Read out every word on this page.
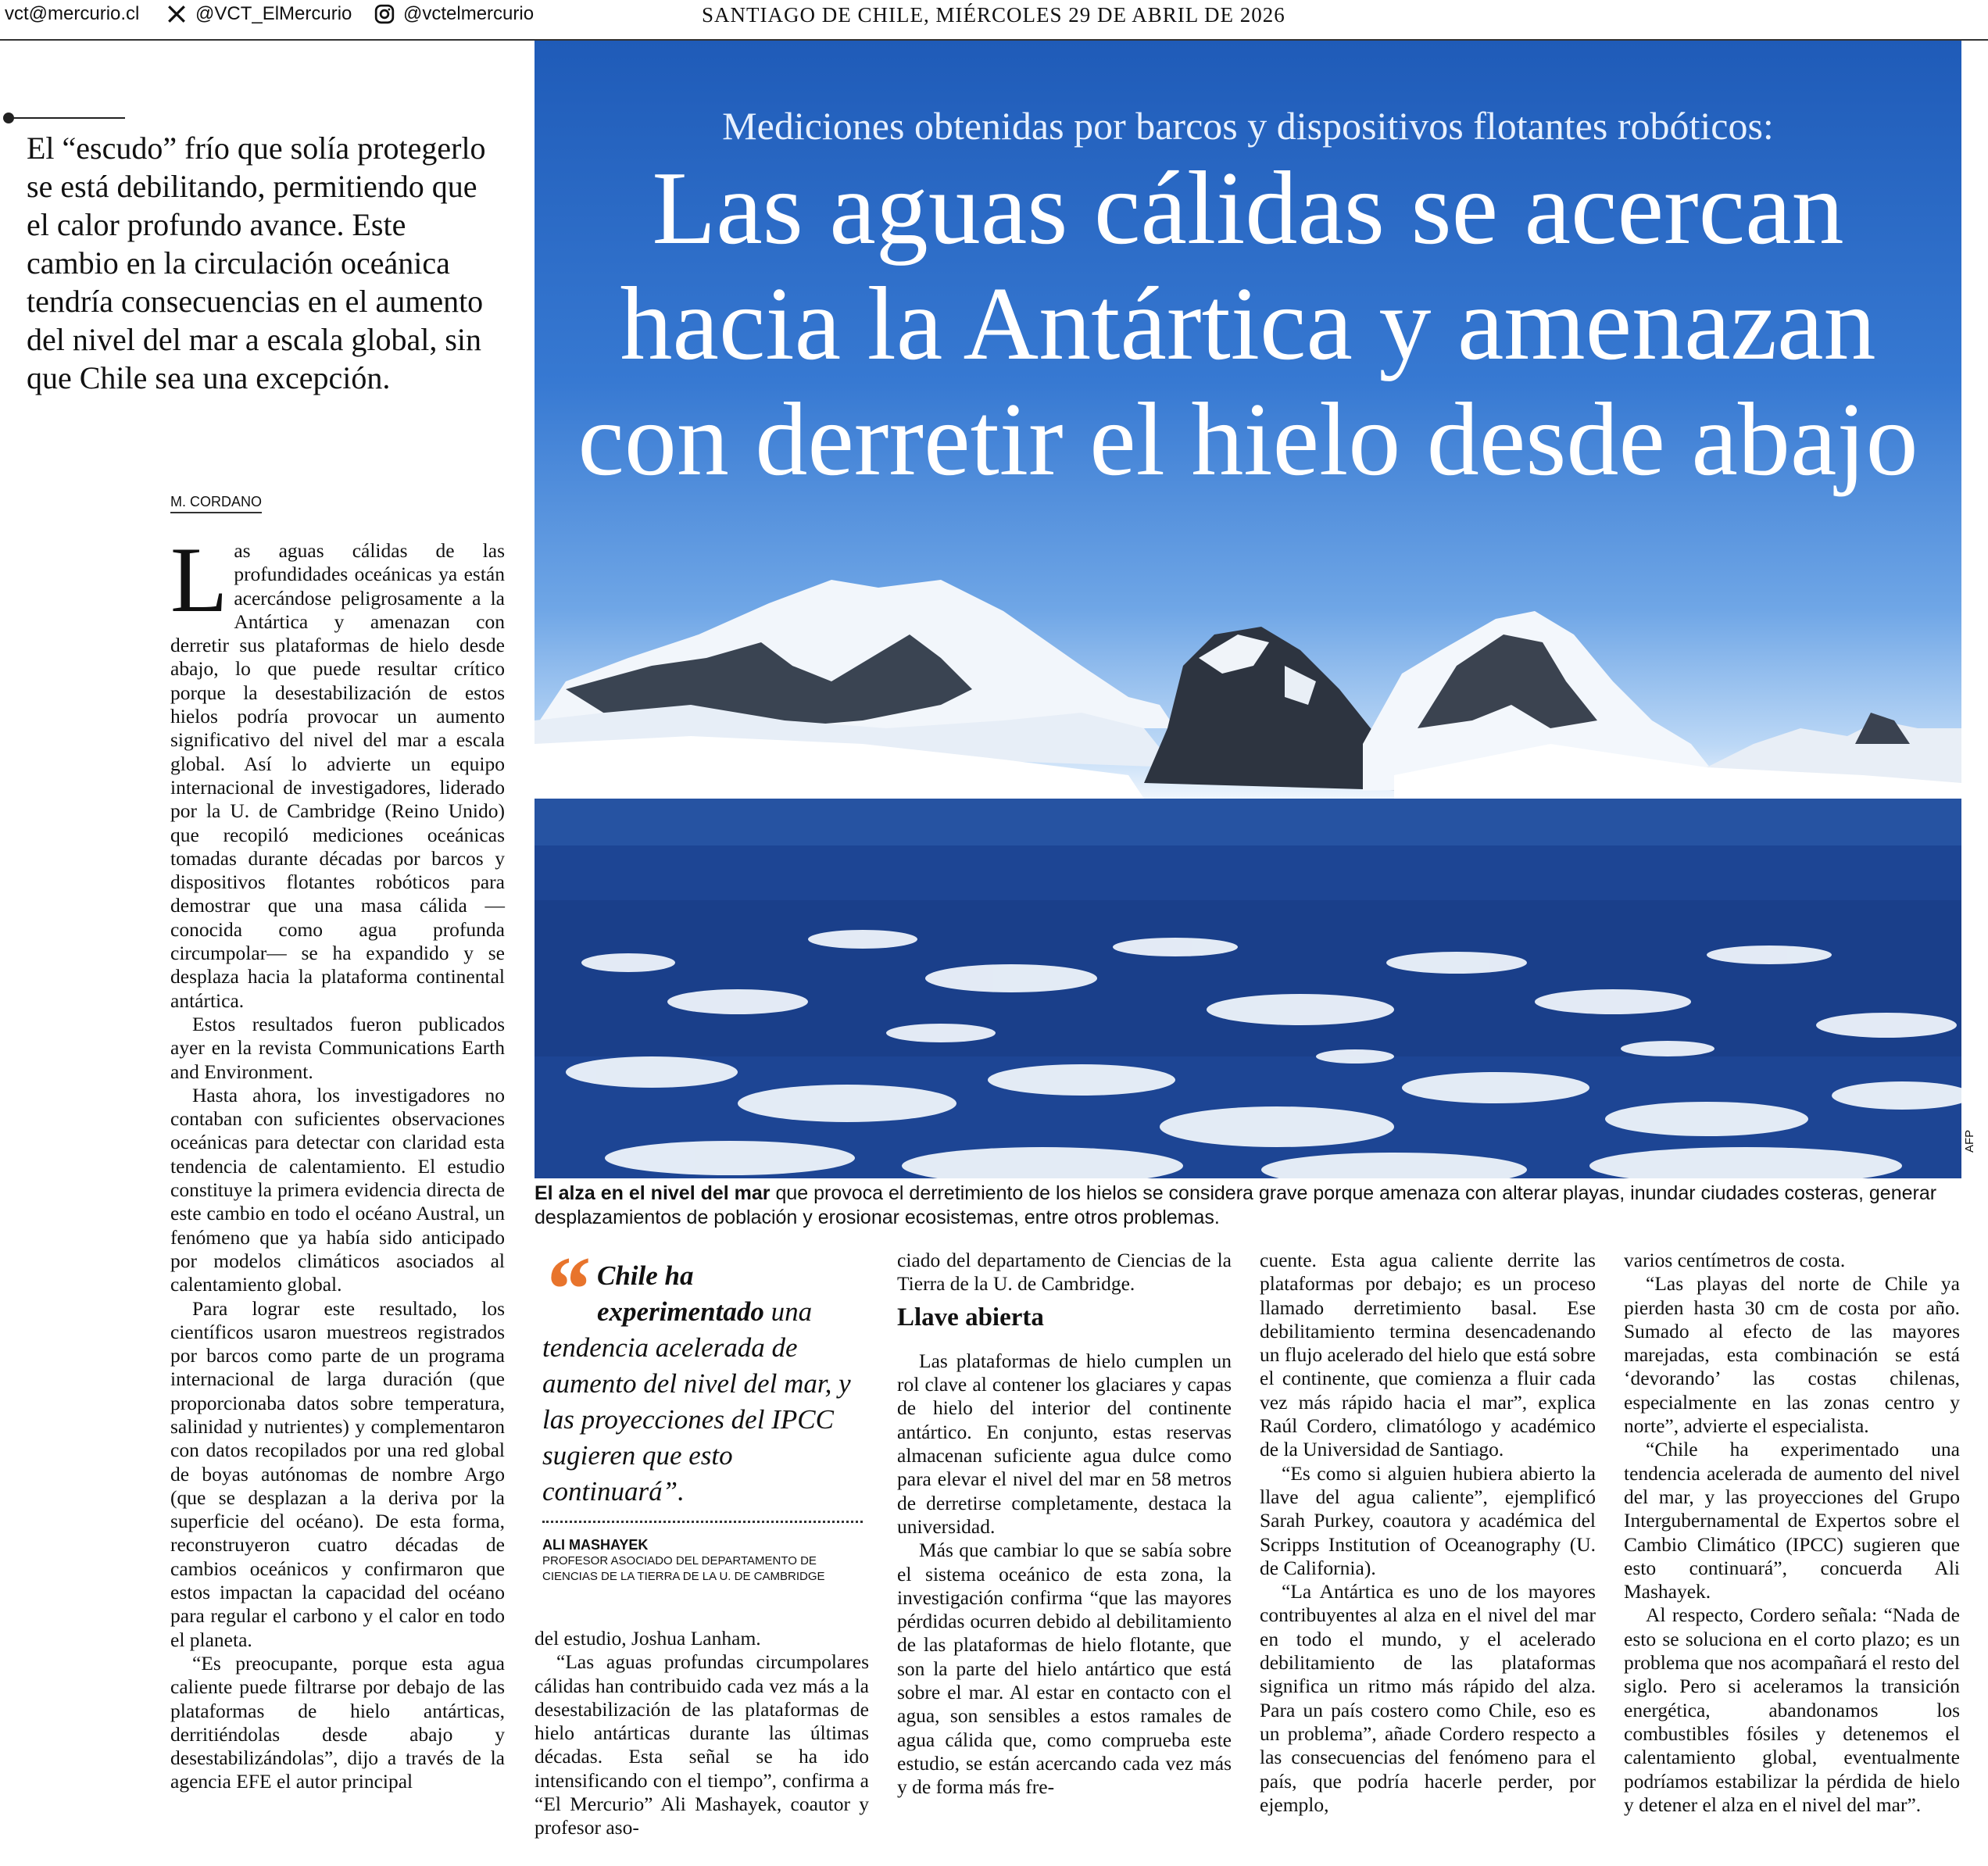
vct@mercurio.cl	@VCT_ElMercurio	@vctelmercurio	SANTIAGO DE CHILE, MIÉRCOLES 29 DE ABRIL DE 2026
Mediciones obtenidas por barcos y dispositivos flotantes robóticos:
Las aguas cálidas se acercan hacia la Antártica y amenazan con derretir el hielo desde abajo
AFP
El alza en el nivel del mar que provoca el derretimiento de los hielos se considera grave porque amenaza con alterar playas, inundar ciudades costeras, generar desplazamientos de población y erosionar ecosistemas, entre otros problemas.
El “escudo” frío que solía protegerlo se está debilitando, permitiendo que el calor profundo avance. Este cambio en la circulación oceánica tendría consecuencias en el aumento del nivel del mar a escala global, sin que Chile sea una excepción.
M. CORDANO

Las aguas cálidas de las profundidades oceánicas ya están acercándose peligrosamente a la Antártica y amenazan con derretir sus plataformas de hielo desde abajo, lo que puede resultar crítico porque la desestabilización de estos hielos podría provocar un aumento significativo del nivel del mar a escala global. Así lo advierte un equipo internacional de investigadores, liderado por la U. de Cambridge (Reino Unido) que recopiló mediciones oceánicas tomadas durante décadas por barcos y dispositivos flotantes robóticos para demostrar que una masa cálida —conocida como agua profunda circumpolar— se ha expandido y se desplaza hacia la plataforma continental antártica.

Estos resultados fueron publicados ayer en la revista Communications Earth and Environment.

Hasta ahora, los investigadores no contaban con suficientes observaciones oceánicas para detectar con claridad esta tendencia de calentamiento. El estudio constituye la primera evidencia directa de este cambio en todo el océano Austral, un fenómeno que ya había sido anticipado por modelos climáticos asociados al calentamiento global.

Para lograr este resultado, los científicos usaron muestreos registrados por barcos como parte de un programa internacional de larga duración (que proporcionaba datos sobre temperatura, salinidad y nutrientes) y complementaron con datos recopilados por una red global de boyas autónomas de nombre Argo (que se desplazan a la deriva por la superficie del océano). De esta forma, reconstruyeron cuatro décadas de cambios oceánicos y confirmaron que estos impactan la capacidad del océano para regular el carbono y el calor en todo el planeta.

“Es preocupante, porque esta agua caliente puede filtrarse por debajo de las plataformas de hielo antárticas, derritiéndolas desde abajo y desestabilizándolas”, dijo a través de la agencia EFE el autor principal

“ Chile ha experimentado una tendencia acelerada de aumento del nivel del mar, y las proyecciones del IPCC sugieren que esto continuará”.
ALI MASHAYEK
PROFESOR ASOCIADO DEL DEPARTAMENTO DE CIENCIAS DE LA TIERRA DE LA U. DE CAMBRIDGE

del estudio, Joshua Lanham.

“Las aguas profundas circumpolares cálidas han contribuido cada vez más a la desestabilización de las plataformas de hielo antárticas durante las últimas décadas. Esta señal se ha ido intensificando con el tiempo”, confirma a “El Mercurio” Ali Mashayek, coautor y profesor aso-

ciado del departamento de Ciencias de la Tierra de la U. de Cambridge.

Llave abierta

Las plataformas de hielo cumplen un rol clave al contener los glaciares y capas de hielo del interior del continente antártico. En conjunto, estas reservas almacenan suficiente agua dulce como para elevar el nivel del mar en 58 metros de derretirse completamente, destaca la universidad.

Más que cambiar lo que se sabía sobre el sistema oceánico de esta zona, la investigación confirma “que las mayores pérdidas ocurren debido al debilitamiento de las plataformas de hielo flotante, que son la parte del hielo antártico que está sobre el mar. Al estar en contacto con el agua, son sensibles a estos ramales de agua cálida que, como comprueba este estudio, se están acercando cada vez más y de forma más fre-

cuente. Esta agua caliente derrite las plataformas por debajo; es un proceso llamado derretimiento basal. Ese debilitamiento termina desencadenando un flujo acelerado del hielo que está sobre el continente, que comienza a fluir cada vez más rápido hacia el mar”, explica Raúl Cordero, climatólogo y académico de la Universidad de Santiago.

“Es como si alguien hubiera abierto la llave del agua caliente”, ejemplificó Sarah Purkey, coautora y académica del Scripps Institution of Oceanography (U. de California).

“La Antártica es uno de los mayores contribuyentes al alza en el nivel del mar en todo el mundo, y el acelerado debilitamiento de las plataformas significa un ritmo más rápido del alza. Para un país costero como Chile, eso es un problema”, añade Cordero respecto a las consecuencias del fenómeno para el país, que podría hacerle perder, por ejemplo,

varios centímetros de costa.

“Las playas del norte de Chile ya pierden hasta 30 cm de costa por año. Sumado al efecto de las mayores marejadas, esta combinación se está ‘devorando’ las costas chilenas, especialmente en las zonas centro y norte”, advierte el especialista.

“Chile ha experimentado una tendencia acelerada de aumento del nivel del mar, y las proyecciones del Grupo Intergubernamental de Expertos sobre el Cambio Climático (IPCC) sugieren que esto continuará”, concuerda Ali Mashayek.

Al respecto, Cordero señala: “Nada de esto se soluciona en el corto plazo; es un problema que nos acompañará el resto del siglo. Pero si aceleramos la transición energética, abandonamos los combustibles fósiles y detenemos el calentamiento global, eventualmente podríamos estabilizar la pérdida de hielo y detener el alza en el nivel del mar”.
